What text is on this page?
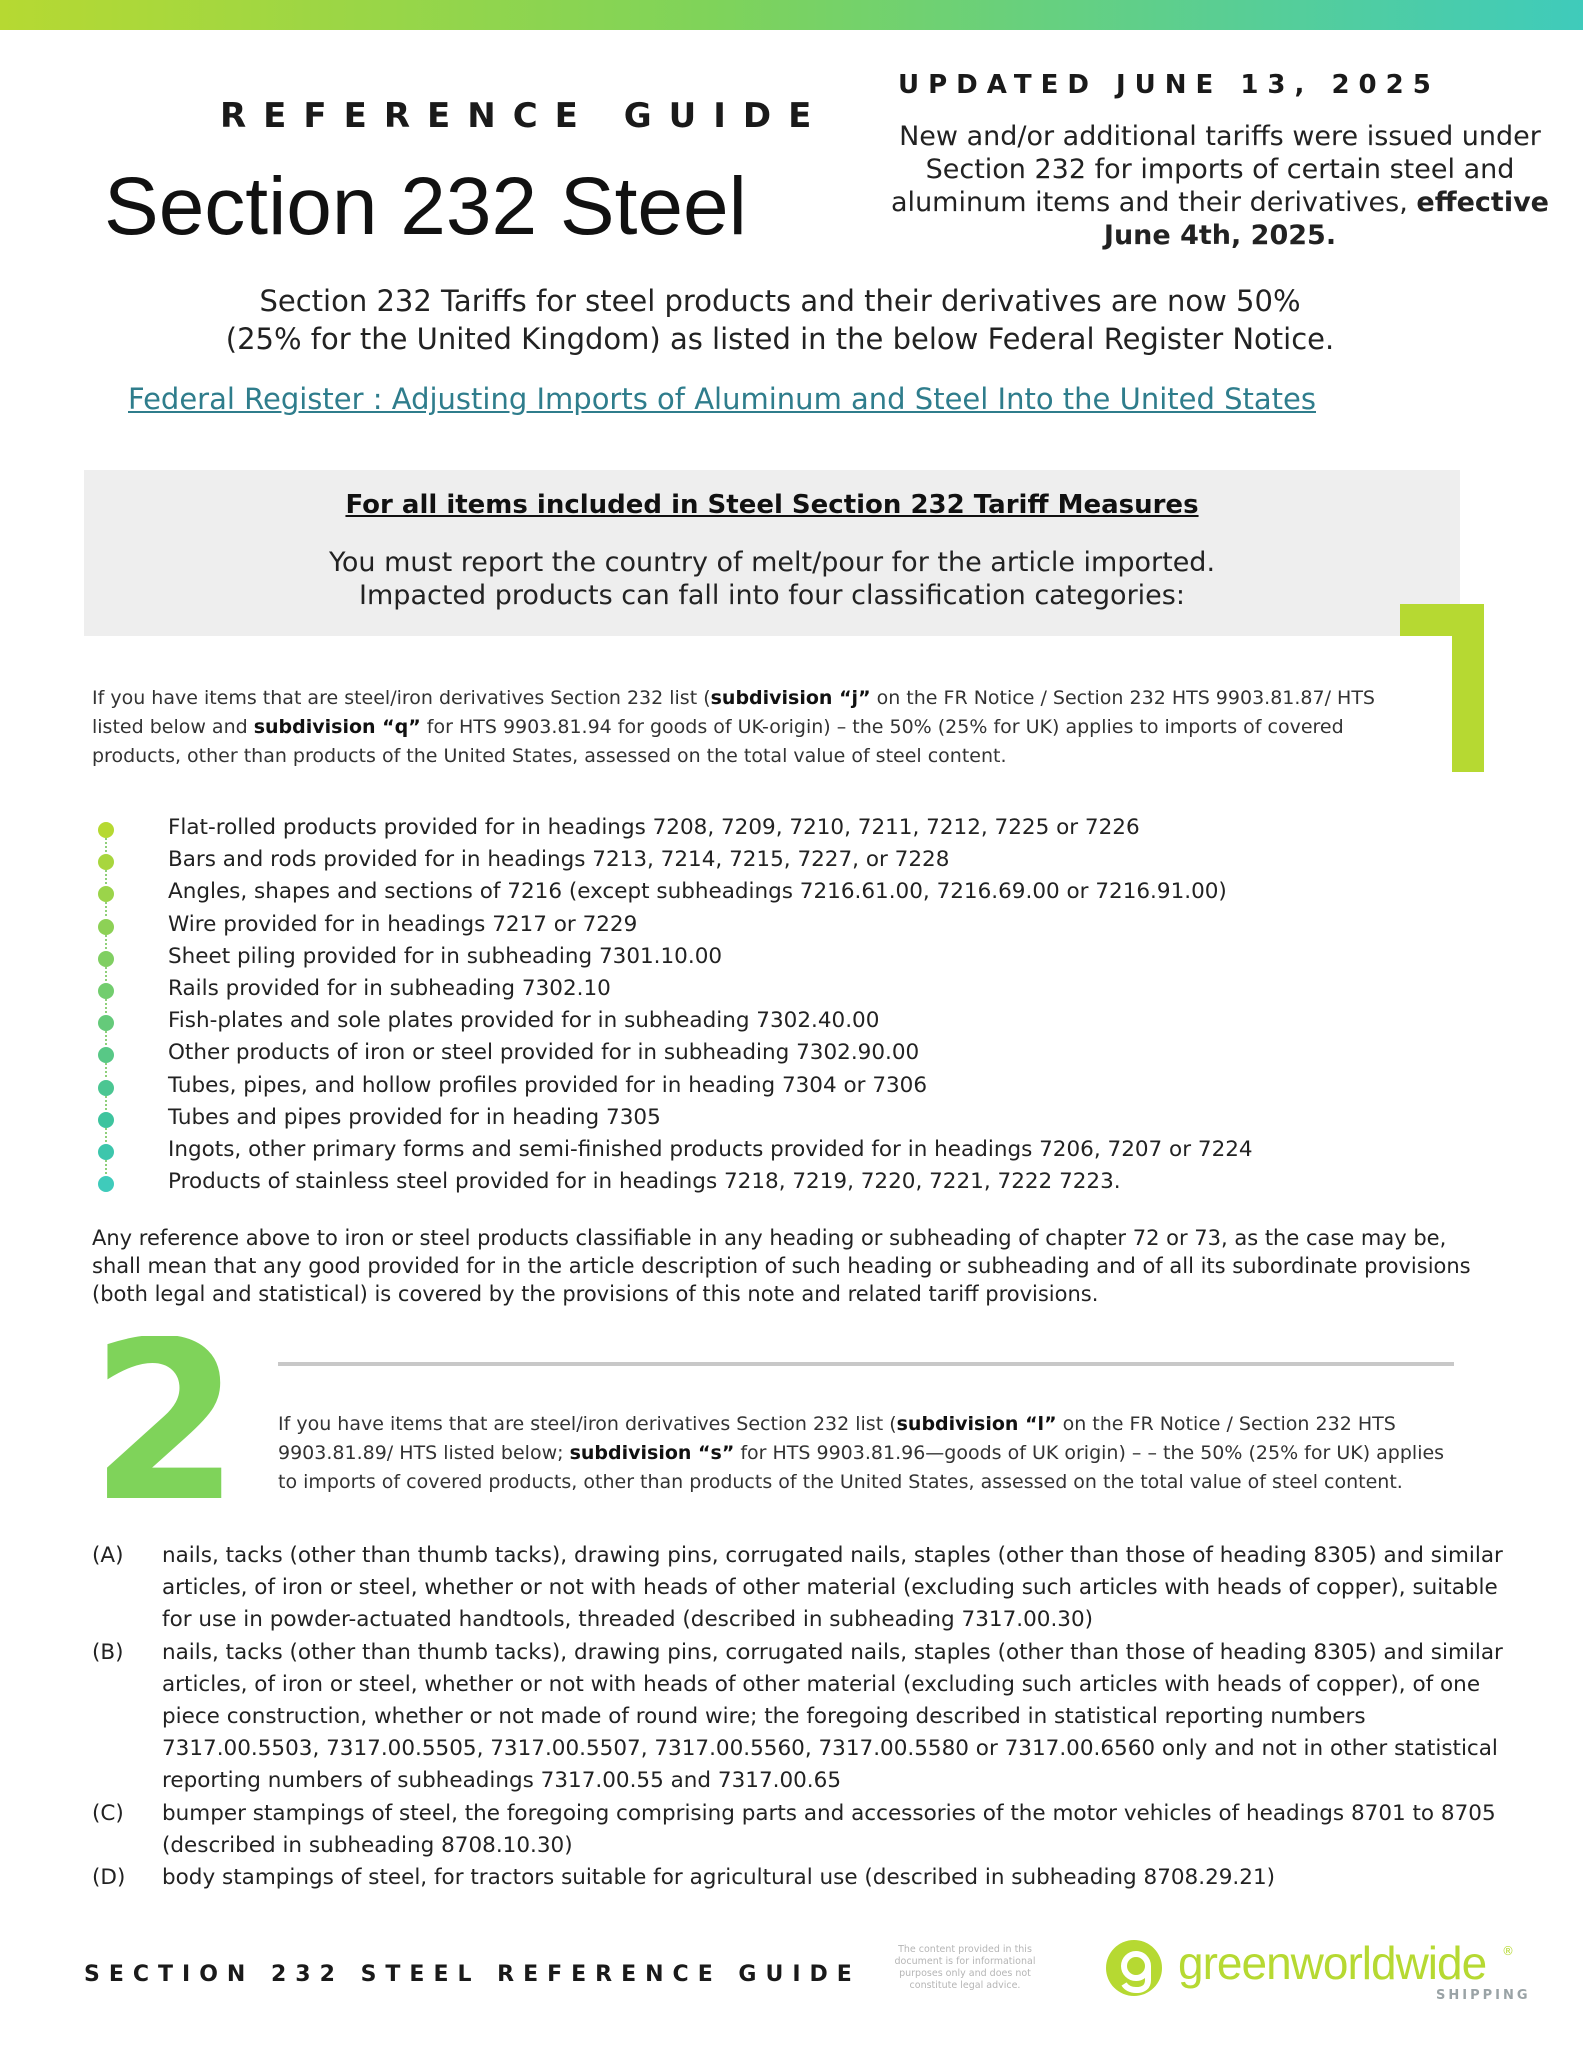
REFERENCE GUIDE
Section 232 Steel
UPDATED JUNE 13, 2025
New and/or additional tariffs were issued under Section 232 for imports of certain steel and aluminum items and their derivatives, effective June 4th, 2025.
Section 232 Tariffs for steel products and their derivatives are now 50%
(25% for the United Kingdom) as listed in the below Federal Register Notice.
Federal Register : Adjusting Imports of Aluminum and Steel Into the United States
For all items included in Steel Section 232 Tariff Measures
You must report the country of melt/pour for the article imported.
Impacted products can fall into four classification categories:
If you have items that are steel/iron derivatives Section 232 list (subdivision “j” on the FR Notice / Section 232 HTS 9903.81.87/ HTS listed below and subdivision “q” for HTS 9903.81.94 for goods of UK-origin) – the 50% (25% for UK) applies to imports of covered products, other than products of the United States, assessed on the total value of steel content.
Flat-rolled products provided for in headings 7208, 7209, 7210, 7211, 7212, 7225 or 7226
Bars and rods provided for in headings 7213, 7214, 7215, 7227, or 7228
Angles, shapes and sections of 7216 (except subheadings 7216.61.00, 7216.69.00 or 7216.91.00)
Wire provided for in headings 7217 or 7229
Sheet piling provided for in subheading 7301.10.00
Rails provided for in subheading 7302.10
Fish-plates and sole plates provided for in subheading 7302.40.00
Other products of iron or steel provided for in subheading 7302.90.00
Tubes, pipes, and hollow profiles provided for in heading 7304 or 7306
Tubes and pipes provided for in heading 7305
Ingots, other primary forms and semi-finished products provided for in headings 7206, 7207 or 7224
Products of stainless steel provided for in headings 7218, 7219, 7220, 7221, 7222 7223.
Any reference above to iron or steel products classifiable in any heading or subheading of chapter 72 or 73, as the case may be, shall mean that any good provided for in the article description of such heading or subheading and of all its subordinate provisions (both legal and statistical) is covered by the provisions of this note and related tariff provisions.
2 If you have items that are steel/iron derivatives Section 232 list (subdivision “l” on the FR Notice / Section 232 HTS 9903.81.89/ HTS listed below; subdivision “s” for HTS 9903.81.96—goods of UK origin) – – the 50% (25% for UK) applies to imports of covered products, other than products of the United States, assessed on the total value of steel content.
(A) nails, tacks (other than thumb tacks), drawing pins, corrugated nails, staples (other than those of heading 8305) and similar articles, of iron or steel, whether or not with heads of other material (excluding such articles with heads of copper), suitable for use in powder-actuated handtools, threaded (described in subheading 7317.00.30)
(B) nails, tacks (other than thumb tacks), drawing pins, corrugated nails, staples (other than those of heading 8305) and similar articles, of iron or steel, whether or not with heads of other material (excluding such articles with heads of copper), of one piece construction, whether or not made of round wire; the foregoing described in statistical reporting numbers 7317.00.5503, 7317.00.5505, 7317.00.5507, 7317.00.5560, 7317.00.5580 or 7317.00.6560 only and not in other statistical reporting numbers of subheadings 7317.00.55 and 7317.00.65
(C) bumper stampings of steel, the foregoing comprising parts and accessories of the motor vehicles of headings 8701 to 8705 (described in subheading 8708.10.30)
(D) body stampings of steel, for tractors suitable for agricultural use (described in subheading 8708.29.21)
SECTION 232 STEEL REFERENCE GUIDE
The content provided in this document is for informational purposes only and does not constitute legal advice.	greenworldwide ®
SHIPPING
